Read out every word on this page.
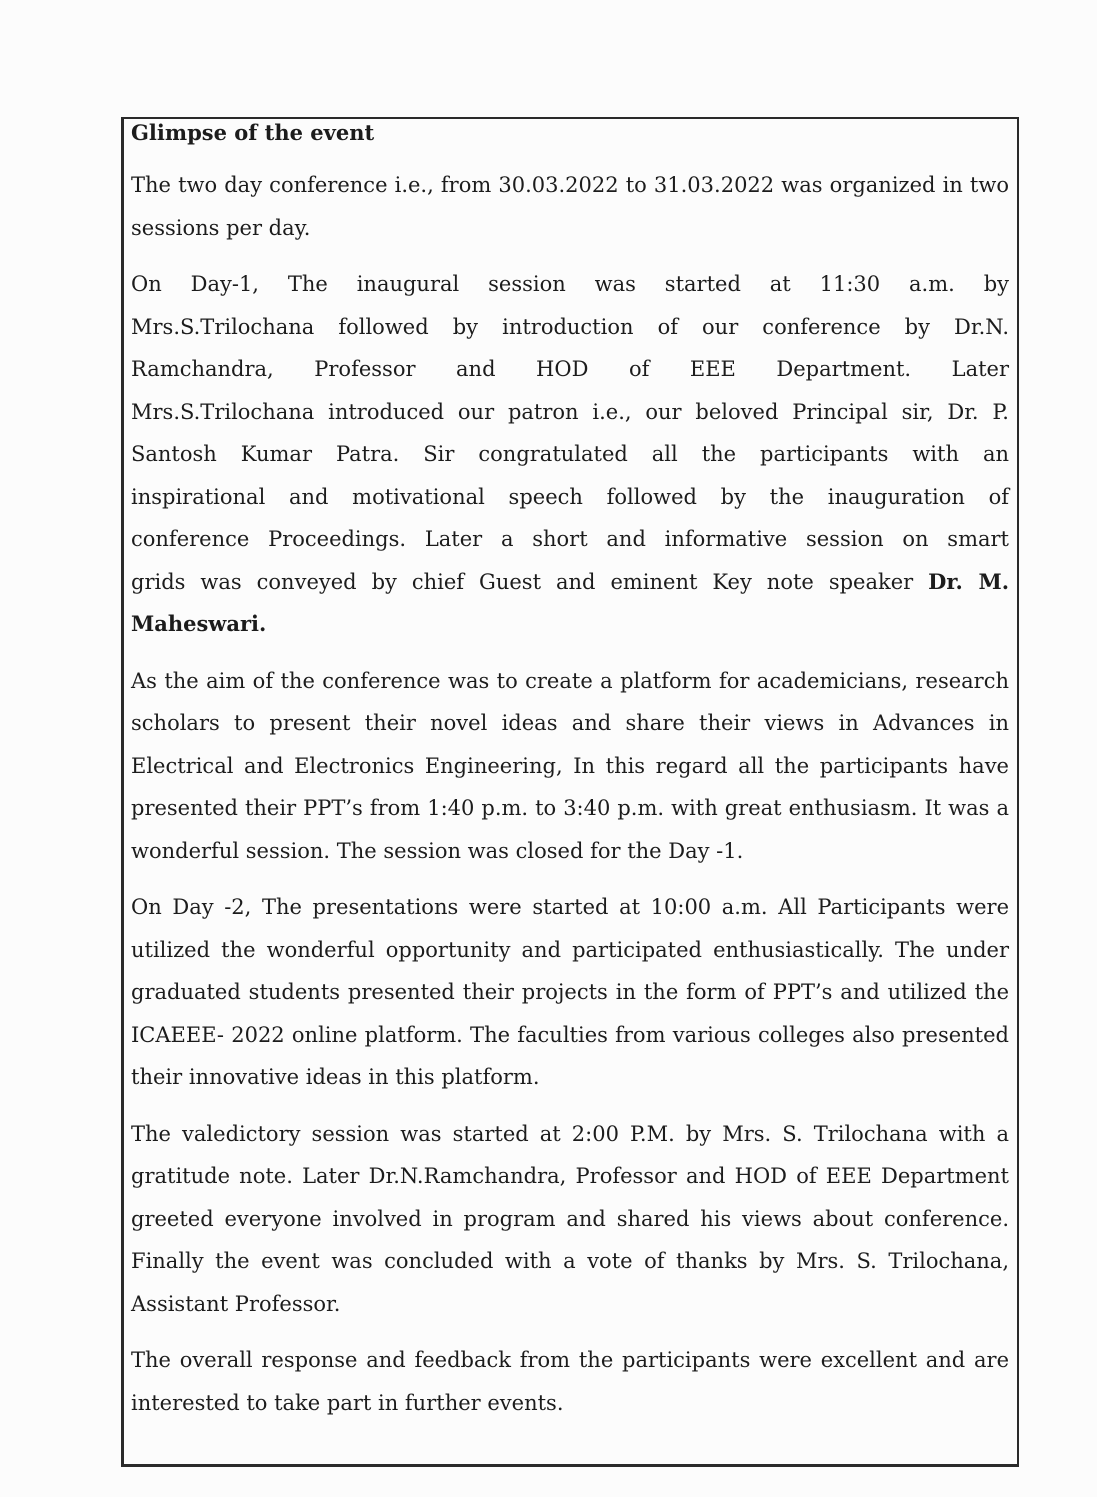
Glimpse of the event

The two day conference i.e., from 30.03.2022 to 31.03.2022 was organized in two sessions per day.

On Day-1, The inaugural session was started at 11:30 a.m. by Mrs.S.Trilochana followed by introduction of our conference by Dr.N. Ramchandra, Professor and HOD of EEE Department. Later Mrs.S.Trilochana introduced our patron i.e., our beloved Principal sir, Dr. P. Santosh Kumar Patra. Sir congratulated all the participants with an inspirational and motivational speech followed by the inauguration of conference Proceedings. Later a short and informative session on smart grids was conveyed by chief Guest and eminent Key note speaker Dr. M. Maheswari.

As the aim of the conference was to create a platform for academicians, research scholars to present their novel ideas and share their views in Advances in Electrical and Electronics Engineering, In this regard all the participants have presented their PPT’s from 1:40 p.m. to 3:40 p.m. with great enthusiasm. It was a wonderful session. The session was closed for the Day -1.

On Day -2, The presentations were started at 10:00 a.m. All Participants were utilized the wonderful opportunity and participated enthusiastically. The under graduated students presented their projects in the form of PPT’s and utilized the ICAEEE- 2022 online platform. The faculties from various colleges also presented their innovative ideas in this platform.

The valedictory session was started at 2:00 P.M. by Mrs. S. Trilochana with a gratitude note. Later Dr.N.Ramchandra, Professor and HOD of EEE Department greeted everyone involved in program and shared his views about conference. Finally the event was concluded with a vote of thanks by Mrs. S. Trilochana, Assistant Professor.

The overall response and feedback from the participants were excellent and are interested to take part in further events.
